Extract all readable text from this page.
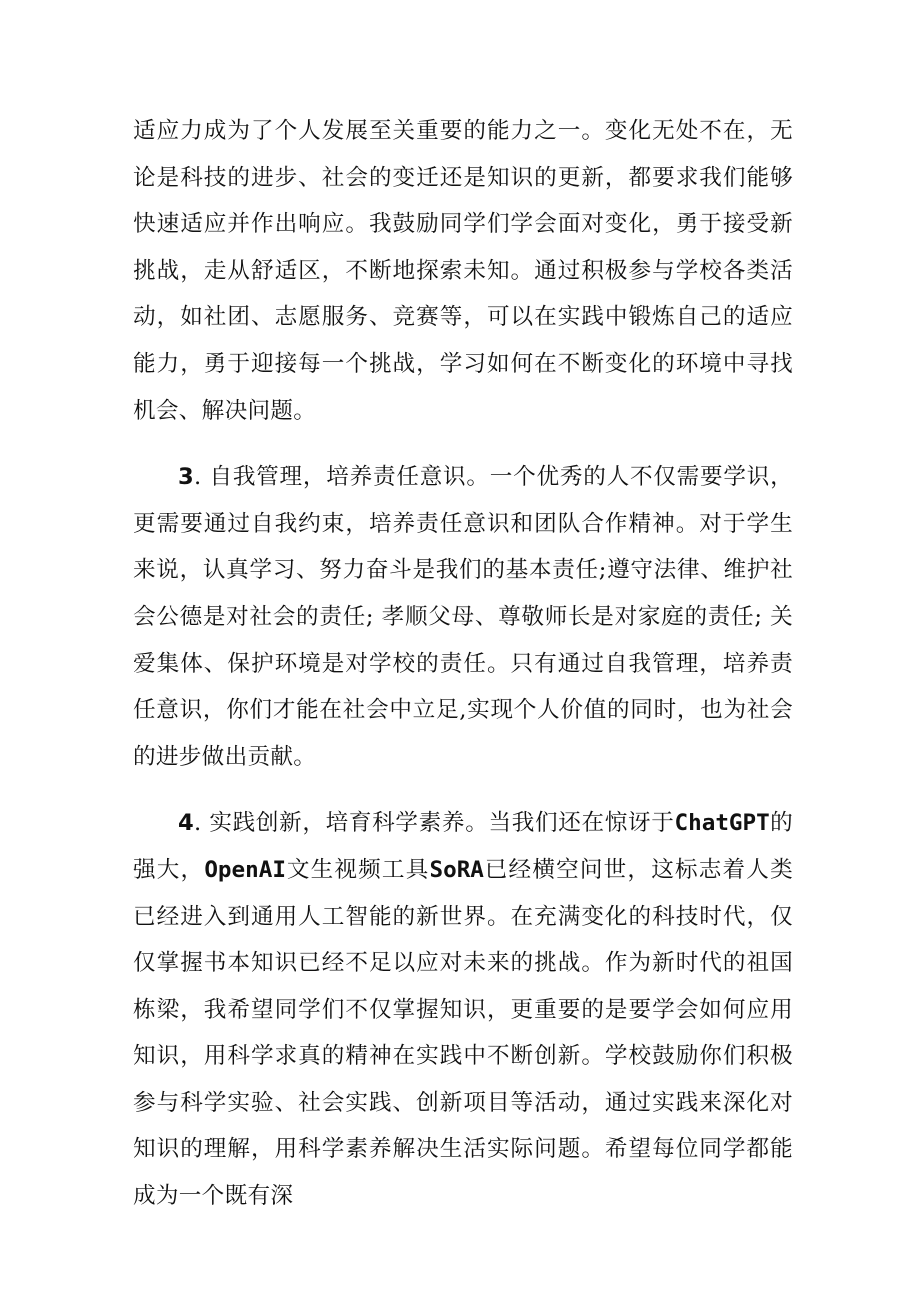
适应力成为了个人发展至关重要的能力之一。变化无处不在，无论是科技的进步、社会的变迁还是知识的更新，都要求我们能够快速适应并作出响应。我鼓励同学们学会面对变化，勇于接受新挑战，走从舒适区，不断地探索未知。通过积极参与学校各类活动，如社团、志愿服务、竞赛等，可以在实践中锻炼自己的适应能力，勇于迎接每一个挑战，学习如何在不断变化的环境中寻找机会、解决问题。

3. 自我管理，培养责任意识。一个优秀的人不仅需要学识，更需要通过自我约束，培养责任意识和团队合作精神。对于学生来说，认真学习、努力奋斗是我们的基本责任;遵守法律、维护社会公德是对社会的责任; 孝顺父母、尊敬师长是对家庭的责任; 关爱集体、保护环境是对学校的责任。只有通过自我管理，培养责任意识，你们才能在社会中立足,实现个人价值的同时，也为社会的进步做出贡献。

4. 实践创新，培育科学素养。当我们还在惊讶于ChatGPT的强大，OpenAI文生视频工具SoRA已经横空问世，这标志着人类已经进入到通用人工智能的新世界。在充满变化的科技时代，仅仅掌握书本知识已经不足以应对未来的挑战。作为新时代的祖国栋梁，我希望同学们不仅掌握知识，更重要的是要学会如何应用知识，用科学求真的精神在实践中不断创新。学校鼓励你们积极参与科学实验、社会实践、创新项目等活动，通过实践来深化对知识的理解，用科学素养解决生活实际问题。希望每位同学都能成为一个既有深
